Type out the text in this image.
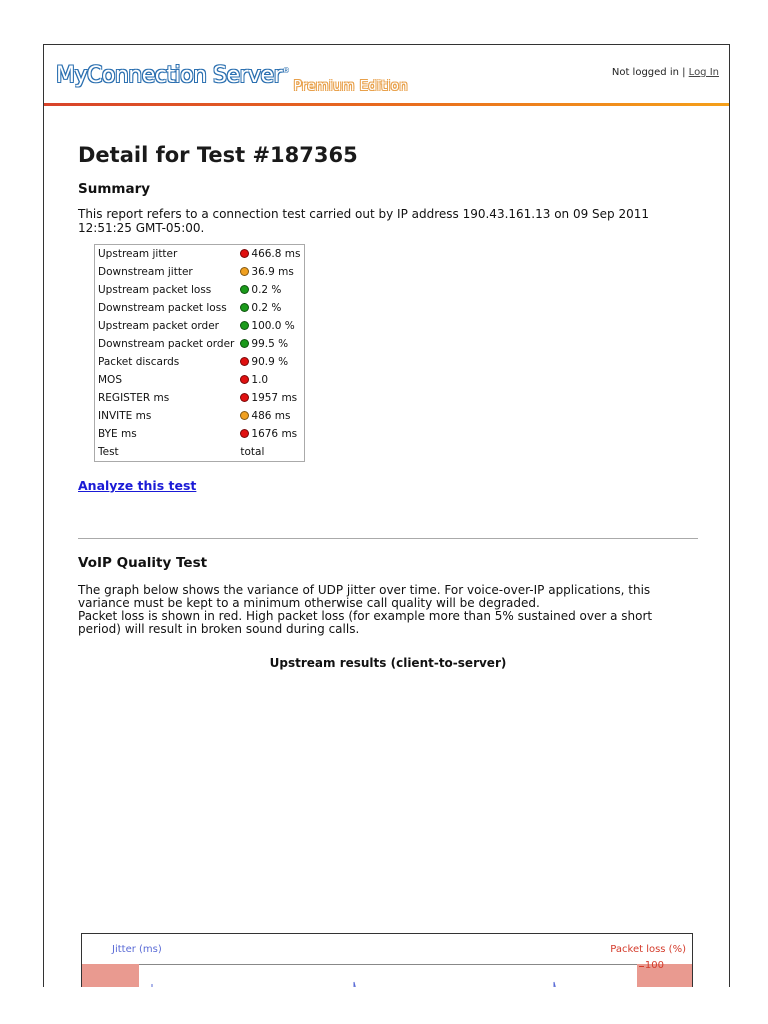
MyConnection Server®$_{Premium Edition}$
Not logged in | Log In
Detail for Test #187365
Summary

This report refers to a connection test carried out by IP address 190.43.161.13 on 09 Sep 2011 12:51:25 GMT-05:00.

Upstream jitter	466.8 ms
Downstream jitter	36.9 ms
Upstream packet loss	0.2 %
Downstream packet loss	0.2 %
Upstream packet order	100.0 %
Downstream packet order	99.5 %
Packet discards	90.9 %
MOS	1.0
REGISTER ms	1957 ms
INVITE ms	486 ms
BYE ms	1676 ms
Test	total
Analyze this test
VoIP Quality Test

The graph below shows the variance of UDP jitter over time. For voice-over-IP applications, this variance must be kept to a minimum otherwise call quality will be degraded.
Packet loss is shown in red. High packet loss (for example more than 5% sustained over a short period) will result in broken sound during calls.

Upstream results (client-to-server)
Jitter (ms)	Packet loss (%)
100
